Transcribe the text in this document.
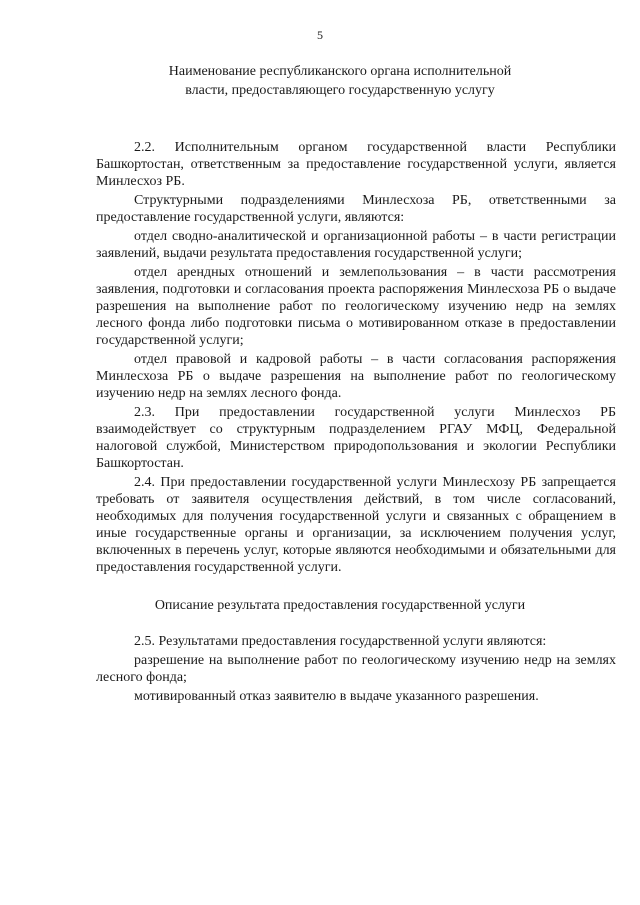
5
Наименование республиканского органа исполнительной
власти, предоставляющего государственную услугу

2.2. Исполнительным органом государственной власти Республики Башкортостан, ответственным за предоставление государственной услуги, является Минлесхоз РБ.

Структурными подразделениями Минлесхоза РБ, ответственными за предоставление государственной услуги, являются:

отдел сводно-аналитической и организационной работы – в части регистрации заявлений, выдачи результата предоставления государственной услуги;

отдел арендных отношений и землепользования – в части рассмотрения заявления, подготовки и согласования проекта распоряжения Минлесхоза РБ о выдаче разрешения на выполнение работ по геологическому изучению недр на землях лесного фонда либо подготовки письма о мотивированном отказе в предоставлении государственной услуги;

отдел правовой и кадровой работы – в части согласования распоряжения Минлесхоза РБ о выдаче разрешения на выполнение работ по геологическому изучению недр на землях лесного фонда.

2.3. При предоставлении государственной услуги Минлесхоз РБ взаимодействует со структурным подразделением РГАУ МФЦ, Федеральной налоговой службой, Министерством природопользования и экологии Республики Башкортостан.

2.4. При предоставлении государственной услуги Минлесхозу РБ запрещается требовать от заявителя осуществления действий, в том числе согласований, необходимых для получения государственной услуги и связанных с обращением в иные государственные органы и организации, за исключением получения услуг, включенных в перечень услуг, которые являются необходимыми и обязательными для предоставления государственной услуги.

Описание результата предоставления государственной услуги

2.5. Результатами предоставления государственной услуги являются:

разрешение на выполнение работ по геологическому изучению недр на землях лесного фонда;

мотивированный отказ заявителю в выдаче указанного разрешения.
